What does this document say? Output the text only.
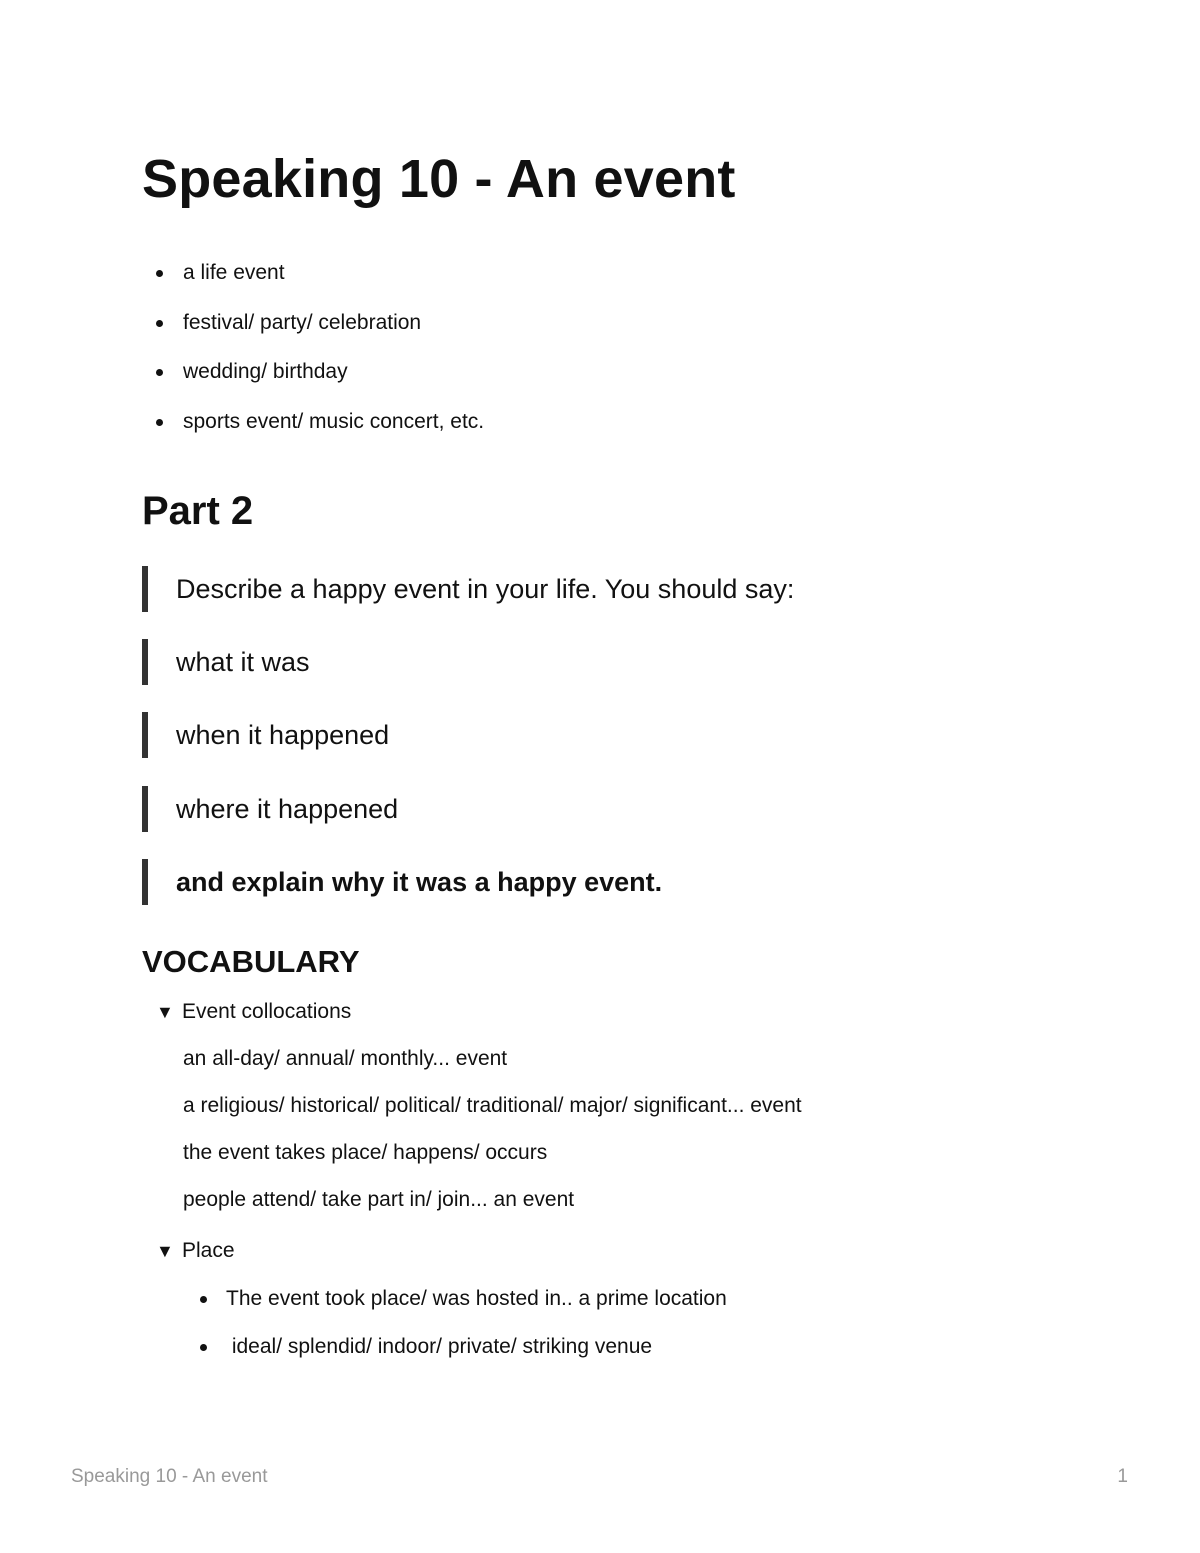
Speaking 10 - An event
a life event
festival/ party/ celebration
wedding/ birthday
sports event/ music concert, etc.
Part 2
Describe a happy event in your life. You should say:
what it was
when it happened
where it happened
and explain why it was a happy event.
VOCABULARY
▼ Event collocations
an all-day/ annual/ monthly... event
a religious/ historical/ political/ traditional/ major/ significant... event
the event takes place/ happens/ occurs
people attend/ take part in/ join... an event
▼ Place
The event took place/ was hosted in.. a prime location
ideal/ splendid/ indoor/ private/ striking venue
Speaking 10 - An event	1
